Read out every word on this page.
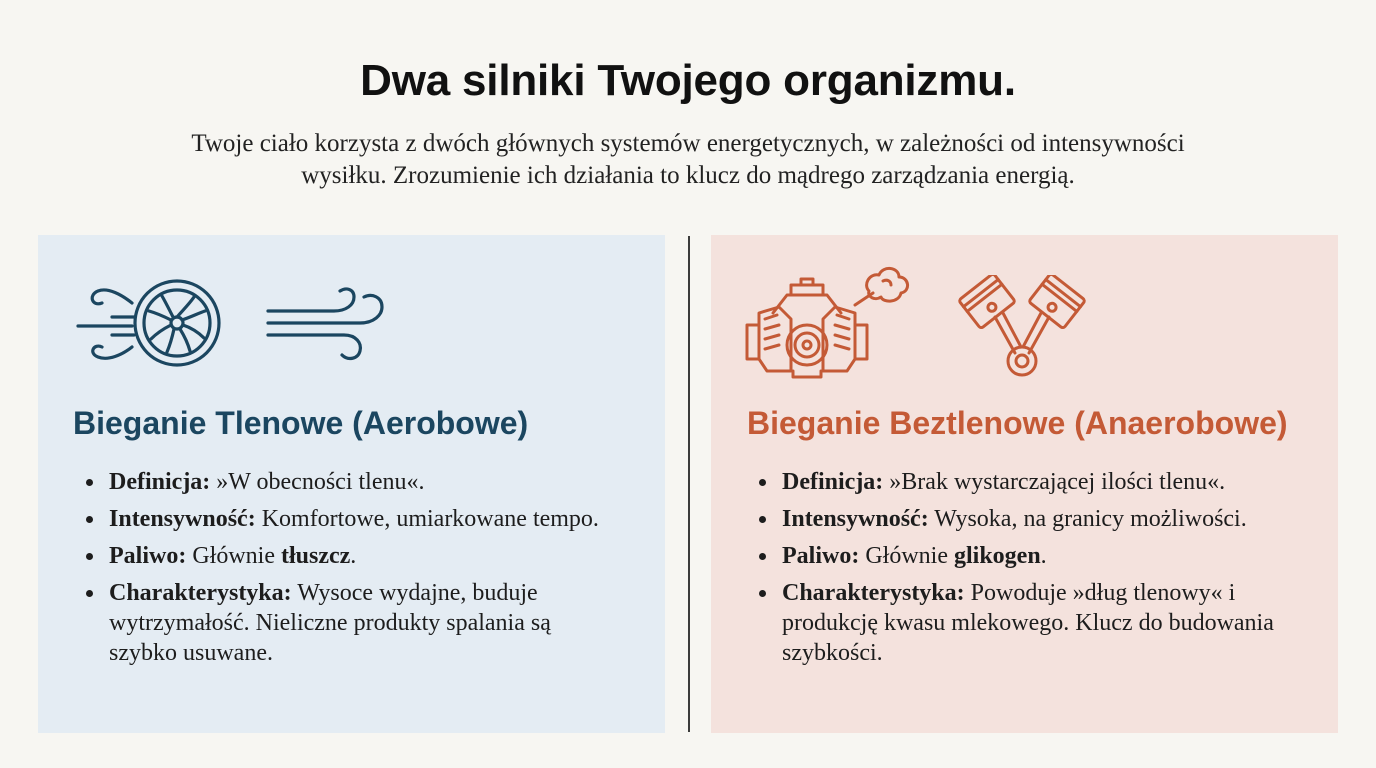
Dwa silniki Twojego organizmu.

Twoje ciało korzysta z dwóch głównych systemów energetycznych, w zależności od intensywności wysiłku. Zrozumienie ich działania to klucz do mądrego zarządzania energią.

Bieganie Tlenowe (Aerobowe)
Definicja: »W obecności tlenu«.
Intensywność: Komfortowe, umiarkowane tempo.
Paliwo: Głównie tłuszcz.
Charakterystyka: Wysoce wydajne, buduje wytrzymałość. Nieliczne produkty spalania są szybko usuwane.
Bieganie Beztlenowe (Anaerobowe)
Definicja: »Brak wystarczającej ilości tlenu«.
Intensywność: Wysoka, na granicy możliwości.
Paliwo: Głównie glikogen.
Charakterystyka: Powoduje »dług tlenowy« i produkcję kwasu mlekowego. Klucz do budowania szybkości.
